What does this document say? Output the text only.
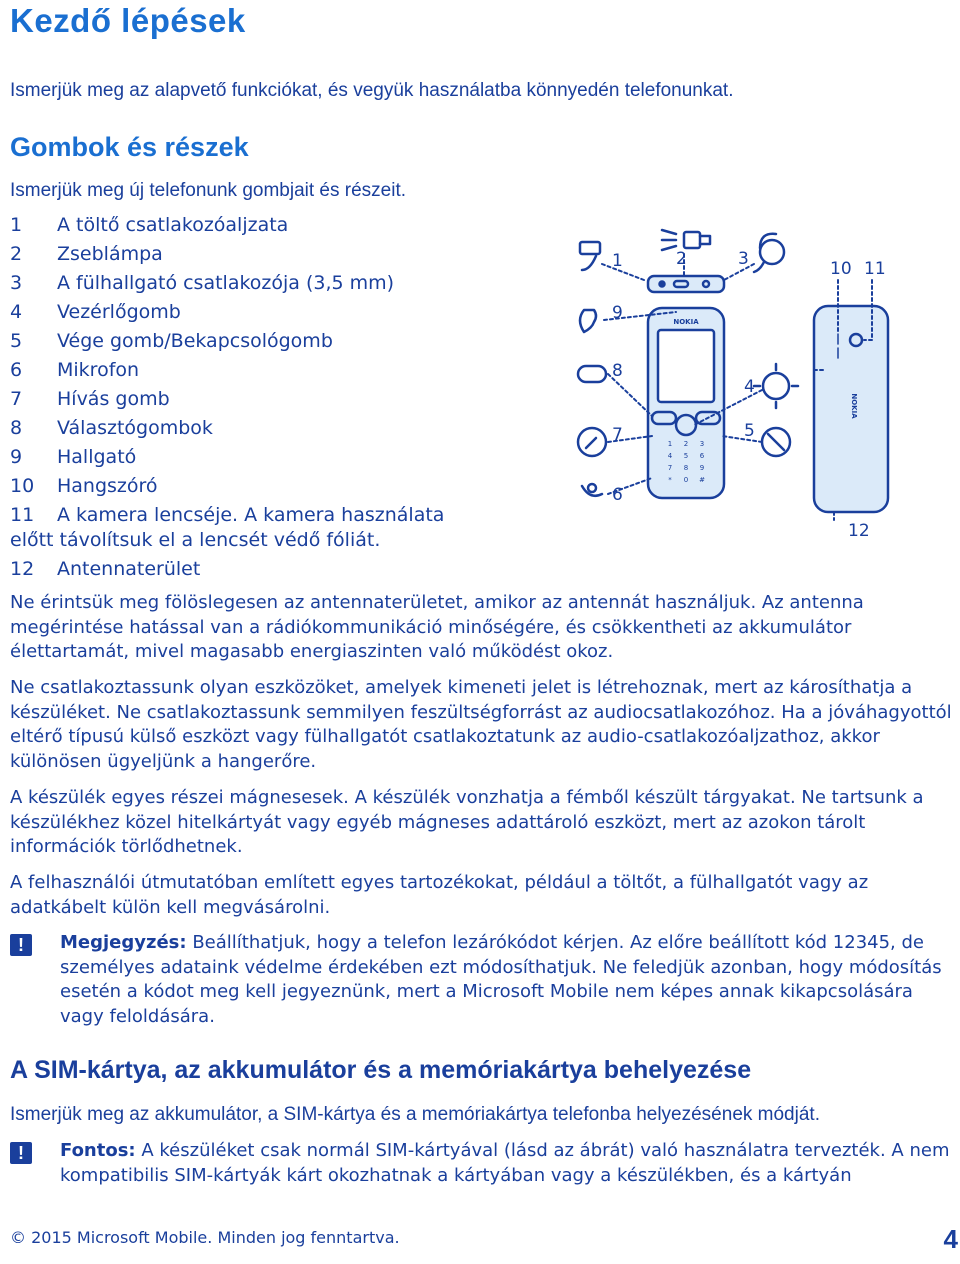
Kezdő lépések

Ismerjük meg az alapvető funkciókat, és vegyük használatba könnyedén telefonunkat.

Gombok és részek

Ismerjük meg új telefonunk gombjait és részeit.

1	A töltő csatlakozóaljzata
2	Zseblámpa
3	A fülhallgató csatlakozója (3,5 mm)
4	Vezérlőgomb
5	Vége gomb/Bekapcsológomb
6	Mikrofon
7	Hívás gomb
8	Választógombok
9	Hallgató
10	Hangszóró
11 A kamera lencséje. A kamera használata
előtt távolítsuk el a lencsét védő fóliát.
12	Antennaterület
NOKIA
NOKIA
1 2 3
4 5 6
7 8 9
* 0 #
1	2	3
4
5
6
7
8
9
10 11
12

Ne érintsük meg fölöslegesen az antennaterületet, amikor az antennát használjuk. Az antenna megérintése hatással van a rádiókommunikáció minőségére, és csökkentheti az akkumulátor élettartamát, mivel magasabb energiaszinten való működést okoz.

Ne csatlakoztassunk olyan eszközöket, amelyek kimeneti jelet is létrehoznak, mert az károsíthatja a készüléket. Ne csatlakoztassunk semmilyen feszültségforrást az audiocsatlakozóhoz. Ha a jóváhagyottól eltérő típusú külső eszközt vagy fülhallgatót csatlakoztatunk az audio-csatlakozóaljzathoz, akkor különösen ügyeljünk a hangerőre.

A készülék egyes részei mágnesesek. A készülék vonzhatja a fémből készült tárgyakat. Ne tartsunk a készülékhez közel hitelkártyát vagy egyéb mágneses adattároló eszközt, mert az azokon tárolt információk törlődhetnek.

A felhasználói útmutatóban említett egyes tartozékokat, például a töltőt, a fülhallgatót vagy az adatkábelt külön kell megvásárolni.

!	Megjegyzés: Beállíthatjuk, hogy a telefon lezárókódot kérjen. Az előre beállított kód 12345, de személyes adataink védelme érdekében ezt módosíthatjuk. Ne feledjük azonban, hogy módosítás esetén a kódot meg kell jegyeznünk, mert a Microsoft Mobile nem képes annak kikapcsolására vagy feloldására.

A SIM-kártya, az akkumulátor és a memóriakártya behelyezése

Ismerjük meg az akkumulátor, a SIM-kártya és a memóriakártya telefonba helyezésének módját.

!	Fontos: A készüléket csak normál SIM-kártyával (lásd az ábrát) való használatra tervezték. A nem kompatibilis SIM-kártyák kárt okozhatnak a kártyában vagy a készülékben, és a kártyán

© 2015 Microsoft Mobile. Minden jog fenntartva.	4
